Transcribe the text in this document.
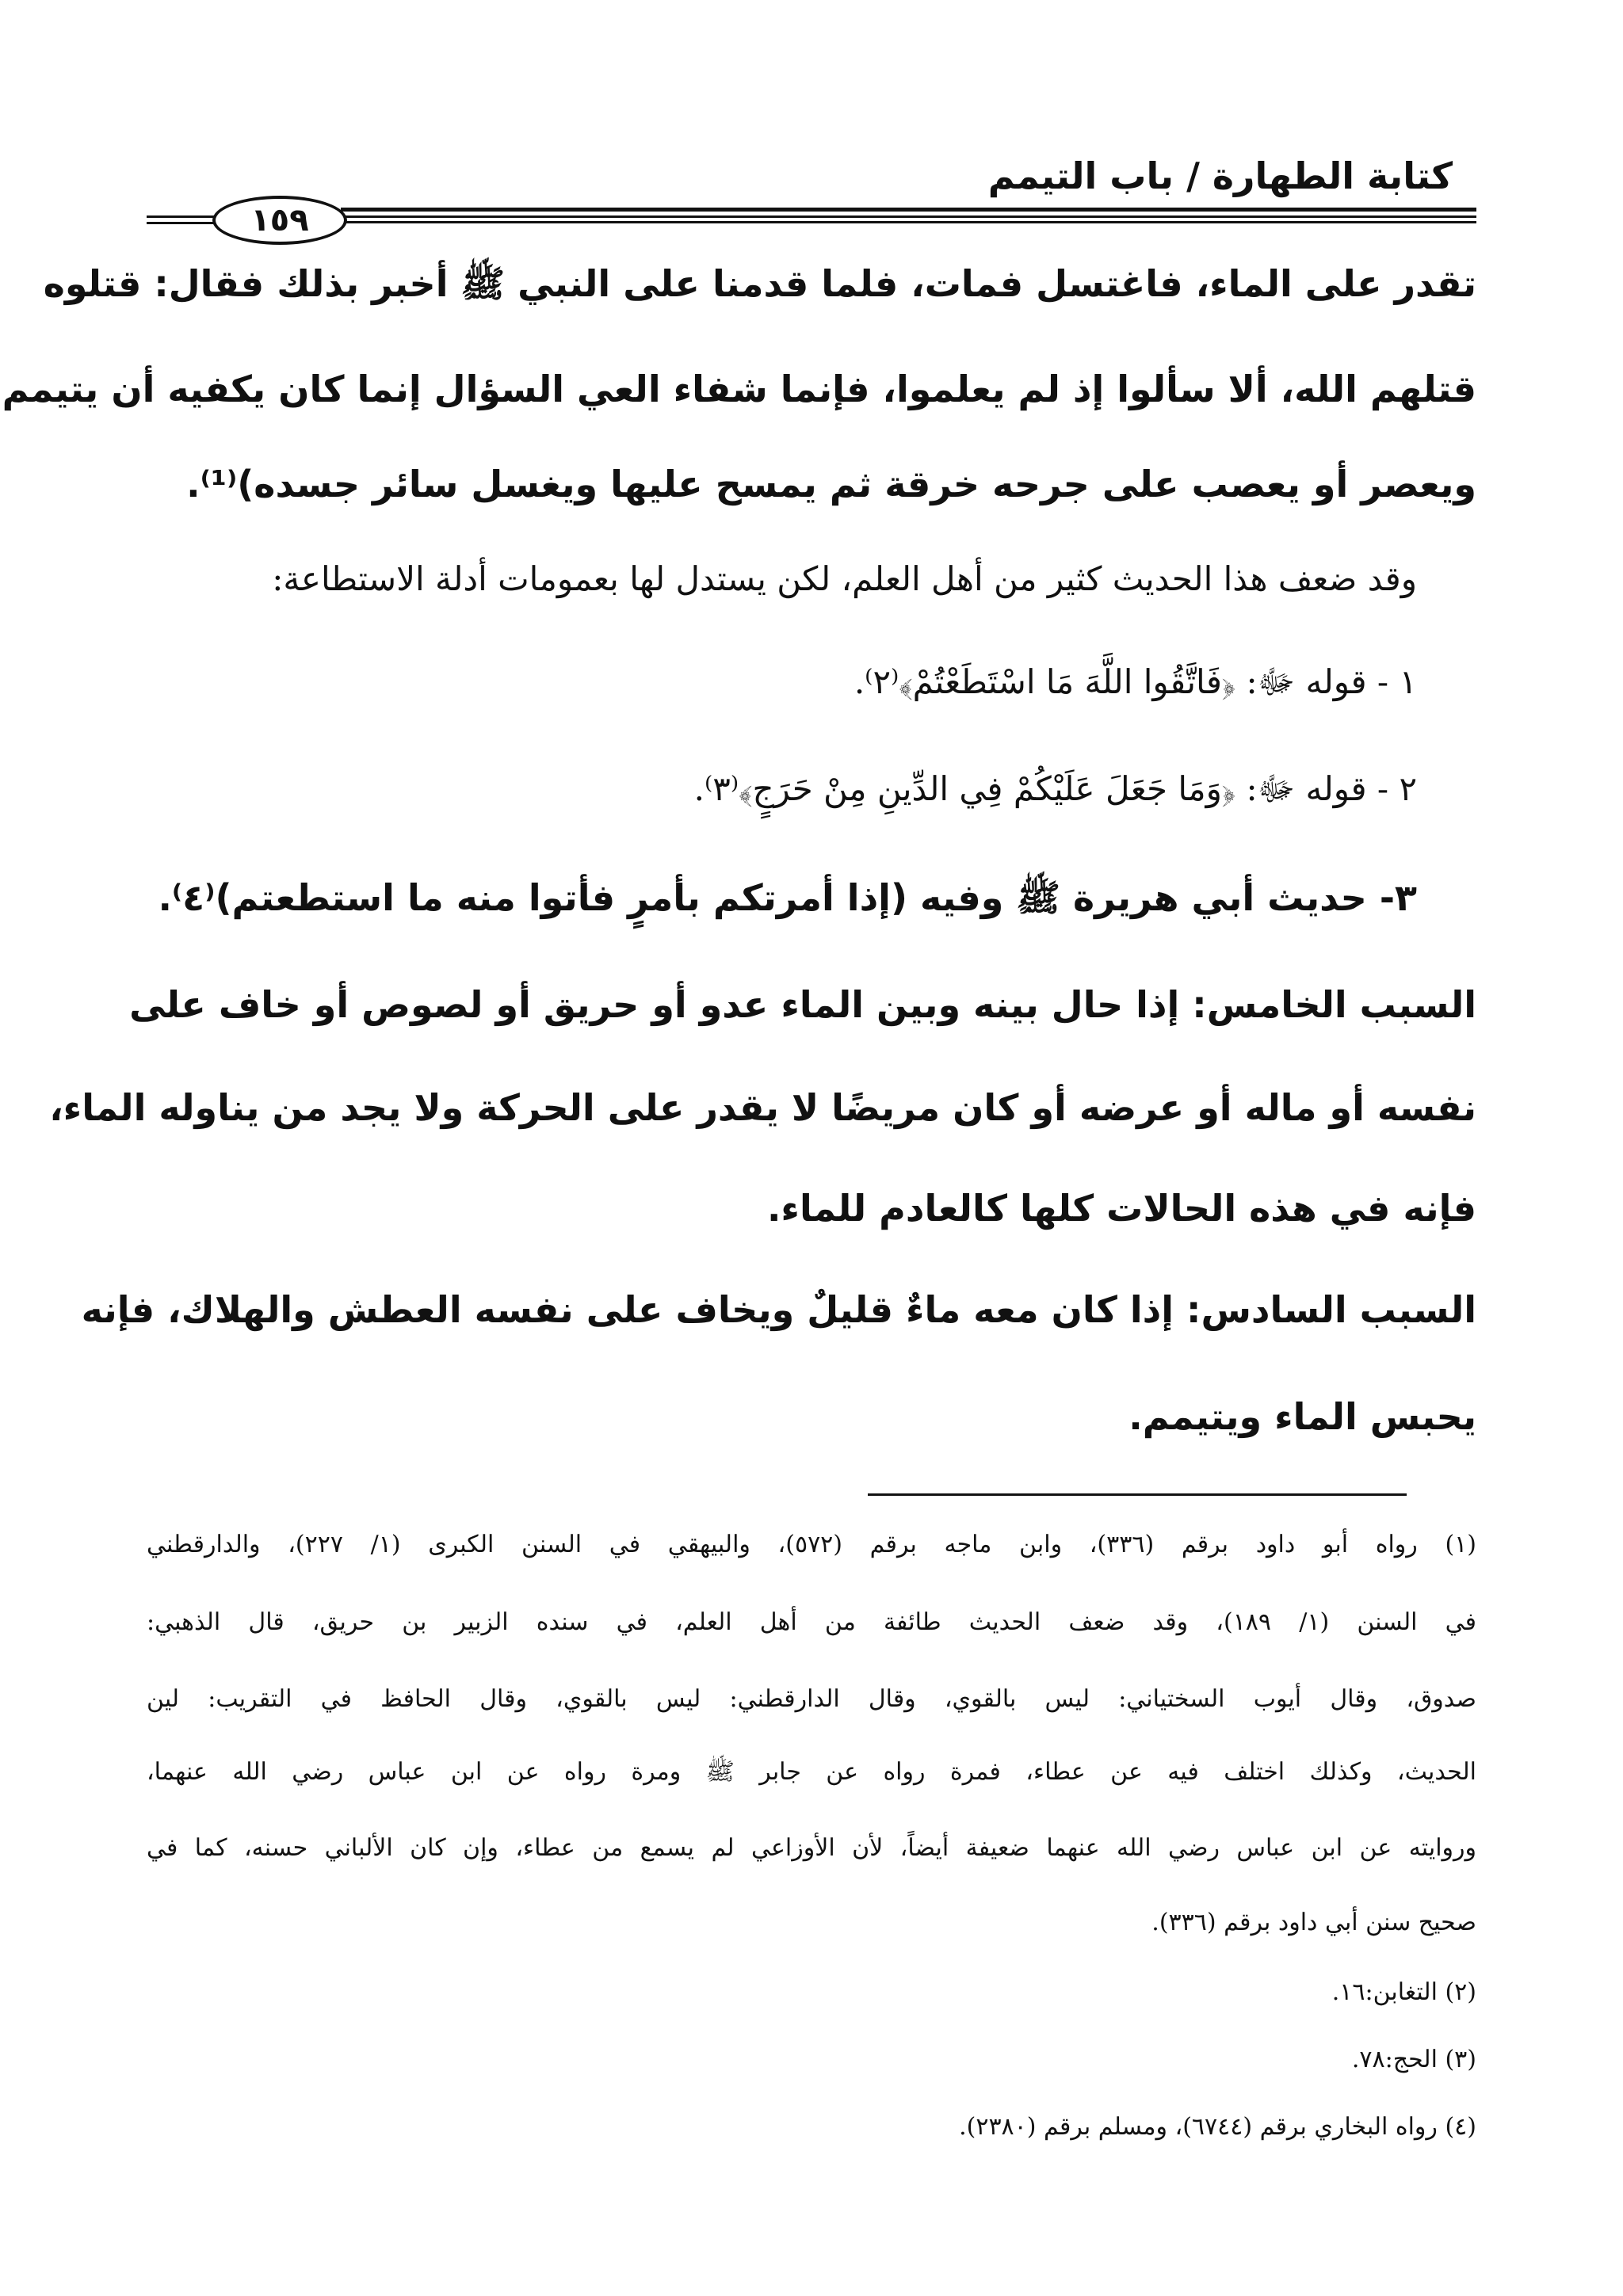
كتابة الطهارة / باب التيمم
١٥٩
تقدر على الماء، فاغتسل فمات، فلما قدمنا على النبي ﷺ أخبر بذلك فقال: قتلوه
قتلهم الله، ألا سألوا إذ لم يعلموا، فإنما شفاء العي السؤال إنما كان يكفيه أن يتيمم
ويعصر أو يعصب على جرحه خرقة ثم يمسح عليها ويغسل سائر جسده)⁽¹⁾.
وقد ضعف هذا الحديث كثير من أهل العلم، لكن يستدل لها بعمومات أدلة الاستطاعة:
١ - قوله ﷻ: ﴿فَاتَّقُوا اللَّهَ مَا اسْتَطَعْتُمْ﴾⁽٢⁾.
٢ - قوله ﷻ: ﴿وَمَا جَعَلَ عَلَيْكُمْ فِي الدِّينِ مِنْ حَرَجٍ﴾⁽٣⁾.
٣- حديث أبي هريرة ﷺ وفيه (إذا أمرتكم بأمرٍ فأتوا منه ما استطعتم)⁽٤⁾.
السبب الخامس: إذا حال بينه وبين الماء عدو أو حريق أو لصوص أو خاف على
نفسه أو ماله أو عرضه أو كان مريضًا لا يقدر على الحركة ولا يجد من يناوله الماء،
فإنه في هذه الحالات كلها كالعادم للماء.
السبب السادس: إذا كان معه ماءٌ قليلٌ ويخاف على نفسه العطش والهلاك، فإنه
يحبس الماء ويتيمم.
(١) رواه أبو داود برقم (٣٣٦)، وابن ماجه برقم (٥٧٢)، والبيهقي في السنن الكبرى (١/ ٢٢٧)، والدارقطني
في السنن (١/ ١٨٩)، وقد ضعف الحديث طائفة من أهل العلم، في سنده الزبير بن حريق، قال الذهبي:
صدوق، وقال أيوب السختياني: ليس بالقوي، وقال الدارقطني: ليس بالقوي، وقال الحافظ في التقريب: لين
الحديث، وكذلك اختلف فيه عن عطاء، فمرة رواه عن جابر ﷺ ومرة رواه عن ابن عباس رضي الله عنهما،
وروايته عن ابن عباس رضي الله عنهما ضعيفة أيضاً، لأن الأوزاعي لم يسمع من عطاء، وإن كان الألباني حسنه، كما في
صحيح سنن أبي داود برقم (٣٣٦).
(٢) التغابن:١٦.
(٣) الحج:٧٨.
(٤) رواه البخاري برقم (٦٧٤٤)، ومسلم برقم (٢٣٨٠).
